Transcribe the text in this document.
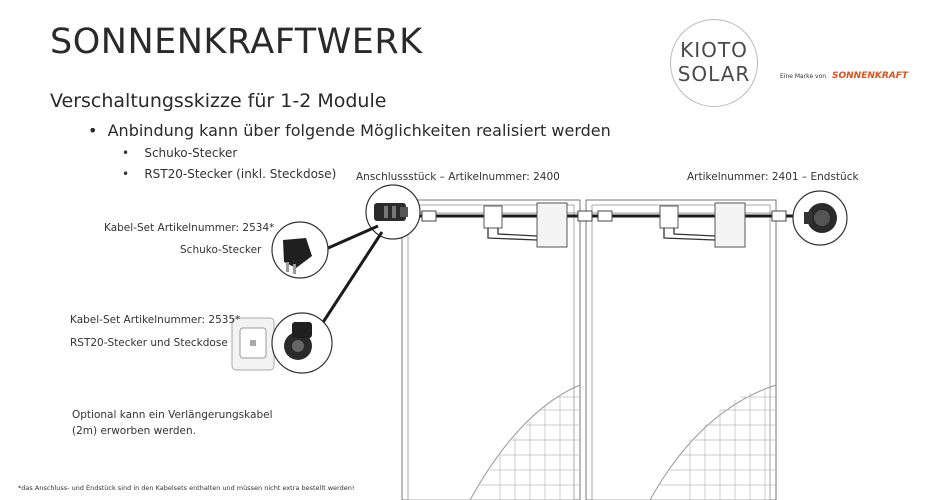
SONNENKRAFTWERK
Verschaltungsskizze für 1-2 Module
•  Anbindung kann über folgende Möglichkeiten realisiert werden
•    Schuko-Stecker
•    RST20-Stecker (inkl. Steckdose)
KIOTO
SOLAR	Eine Marke von SONNENKRAFT
Anschlussstück – Artikelnummer: 2400	Artikelnummer: 2401 – Endstück
Kabel-Set Artikelnummer: 2534*
Schuko-Stecker
Kabel-Set Artikelnummer: 2535*
RST20-Stecker und Steckdose
Optional kann ein Verlängerungskabel
(2m) erworben werden.
*das Anschluss- und Endstück sind in den Kabelsets enthalten und müssen nicht extra bestellt werden!
